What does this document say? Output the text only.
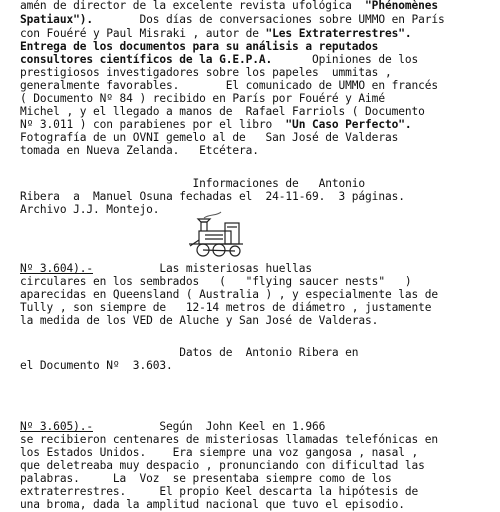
amén de director de la excelente revista ufológica  "Phénomènes
Spatiaux").       Dos días de conversaciones sobre UMMO en París
con Fouéré y Paul Misraki , autor de "Les Extraterrestres".
Entrega de los documentos para su análisis a reputados
consultores científicos de la G.E.P.A.      Opiniones de los
prestigiosos investigadores sobre los papeles  ummitas ,
generalmente favorables.       El comunicado de UMMO en francés
( Documento Nº 84 ) recibido en París por Fouéré y Aimé
Michel , y el llegado a manos de  Rafael Farriols ( Documento
Nº 3.011 ) con parabienes por el libro  "Un Caso Perfecto".
Fotografía de un OVNI gemelo al de   San José de Valderas
tomada en Nueva Zelanda.   Etcétera.
Informaciones de   Antonio
Ribera  a  Manuel Osuna fechadas el  24-11-69.  3 páginas.
Archivo J.J. Montejo.
Nº 3.604).-          Las misteriosas huellas
circulares en los sembrados   (   "flying saucer nests"   )
aparecidas en Queensland ( Australia ) , y especialmente las de
Tully , son siempre de   12-14 metros de diámetro , justamente
la medida de los VED de Aluche y San José de Valderas.
Datos de  Antonio Ribera en
el Documento Nº  3.603.
Nº 3.605).-          Según  John Keel en 1.966
se recibieron centenares de misteriosas llamadas telefónicas en
los Estados Unidos.    Era siempre una voz gangosa , nasal ,
que deletreaba muy despacio , pronunciando con dificultad las
palabras.     La  Voz  se presentaba siempre como de los
extraterrestres.     El propio Keel descarta la hipótesis de
una broma, dada la amplitud nacional que tuvo el episodio.
